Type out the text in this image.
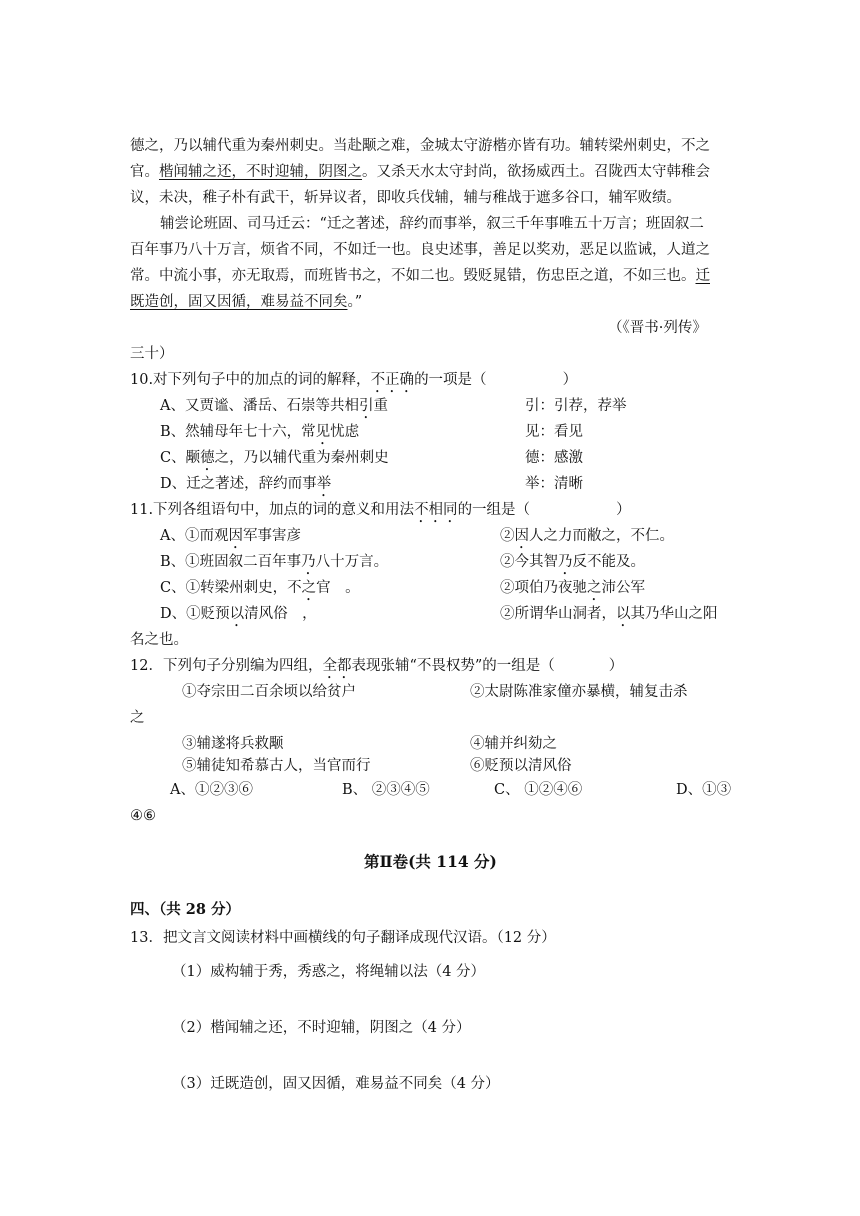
德之，乃以辅代重为秦州刺史。当赴颙之难，金城太守游楷亦皆有功。辅转梁州刺史，不之
官。楷闻辅之还，不时迎辅，阴图之。又杀天水太守封尚，欲扬威西土。召陇西太守韩稚会
议，未决，稚子朴有武干，斩异议者，即收兵伐辅，辅与稚战于遮多谷口，辅军败绩。
辅尝论班固、司马迁云：“迁之著述，辞约而事举，叙三千年事唯五十万言；班固叙二
百年事乃八十万言，烦省不同，不如迁一也。良史述事，善足以奖劝，恶足以监诫，人道之
常。中流小事，亦无取焉，而班皆书之，不如二也。毁贬晁错，伤忠臣之道，不如三也。迁
既造创，固又因循，难易益不同矣。”
（《晋书·列传》
三十）
10.对下列句子中的加点的词的解释，不正确的一项是（	）
A、又贾谧、潘岳、石崇等共相引重	引：引荐，荐举
B、然辅母年七十六，常见忧虑	见：看见
C、颙德之，乃以辅代重为秦州刺史	德：感激
D、迁之著述，辞约而事举	举：清晰
11.下列各组语句中，加点的词的意义和用法不相同的一组是（	）
A、①而观因军事害彦	②因人之力而敝之，不仁。
B、①班固叙二百年事乃八十万言。	②今其智乃反不能及。
C、①转梁州刺史，不之官　。	②项伯乃夜驰之沛公军
D、①贬预以清风俗　，	②所谓华山洞者，以其乃华山之阳
名之也。
12．下列句子分别编为四组，全都表现张辅“不畏权势”的一组是（	）
①夺宗田二百余顷以给贫户	②太尉陈准家僮亦暴横，辅复击杀
之
③辅遂将兵救颙	④辅并纠劾之
⑤辅徒知希慕古人，当官而行	⑥贬预以清风俗
A、①②③⑥	B、 ②③④⑤	C、 ①②④⑥	D、①③
④⑥
第Ⅱ卷(共 114 分)
四、（共 28 分）
13．把文言文阅读材料中画横线的句子翻译成现代汉语。（12 分）
（1）威构辅于秀，秀惑之，将绳辅以法（4 分）
（2）楷闻辅之还，不时迎辅，阴图之（4 分）
（3）迁既造创，固又因循，难易益不同矣（4 分）
